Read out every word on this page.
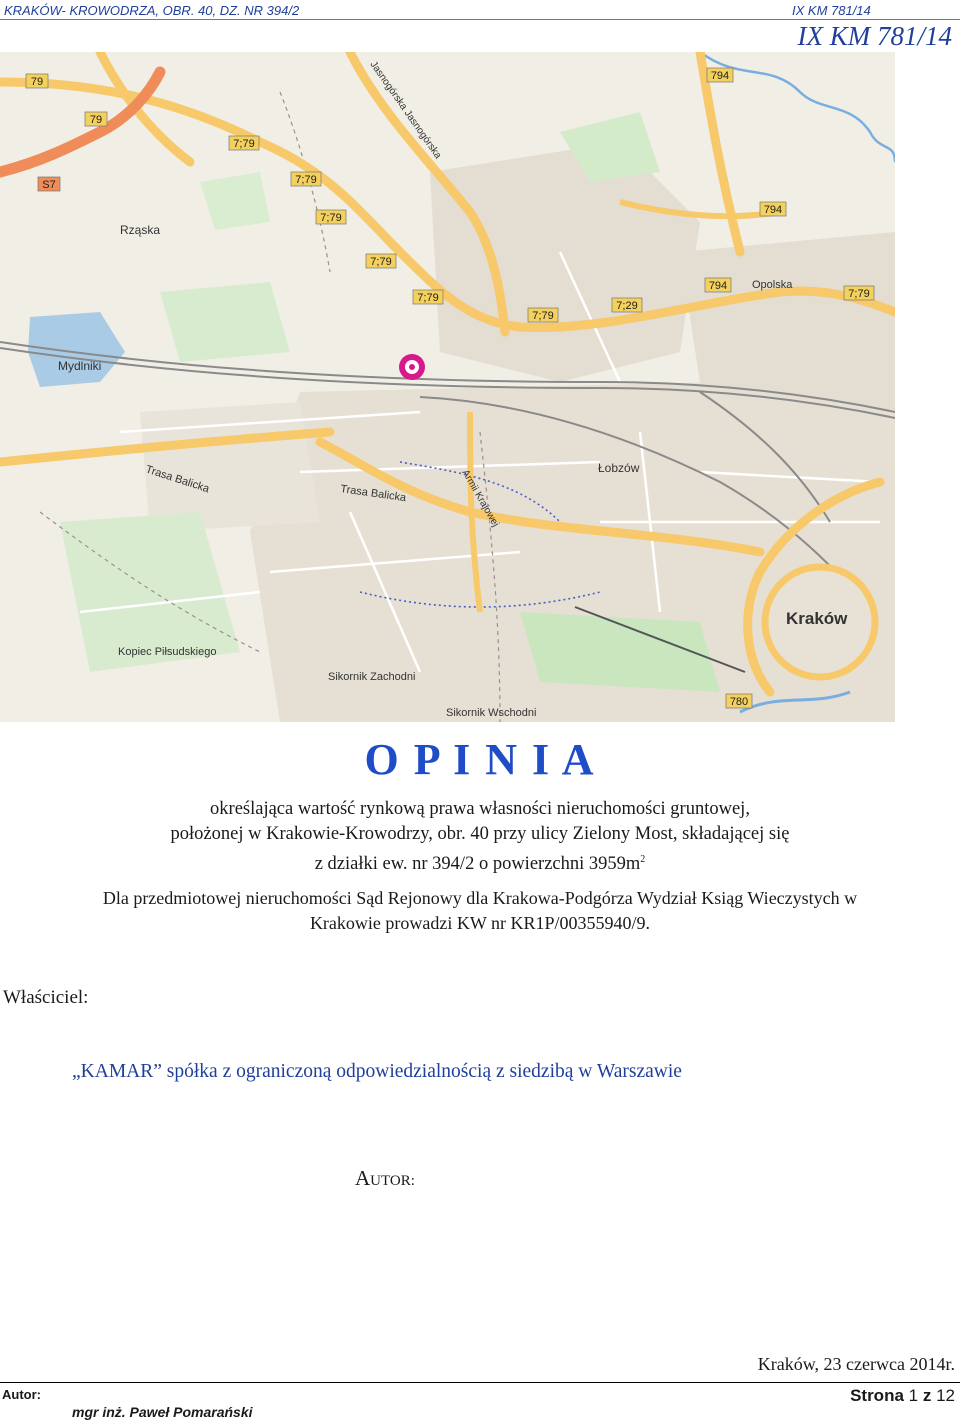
KRAKÓW- KROWODRZA, OBR. 40, DZ. NR 394/2	IX KM 781/14
IX KM 781/14
79
79
S7
7;79
7;79
7;79
7;79
7;79
7;79
7;29
794
794
794
7;79
780
Rząska
Mydlniki
Łobzów
Kraków
Opolska
Kopiec Piłsudskiego
Sikornik Zachodni
Sikornik Wschodni
Trasa Balicka	Trasa Balicka	Armii Krajowej
Jasnogórska Jasnogórska
O P I N I A
określająca wartość rynkową prawa własności nieruchomości gruntowej,
położonej w Krakowie-Krowodrzy, obr. 40 przy ulicy Zielony Most, składającej się
z działki ew. nr 394/2 o powierzchni $3959m^2$
Dla przedmiotowej nieruchomości Sąd Rejonowy dla Krakowa-Podgórza Wydział Ksiąg Wieczystych w
Krakowie prowadzi KW nr KR1P/00355940/9.
Właściciel:
„KAMAR” spółka z ograniczoną odpowiedzialnością z siedzibą w Warszawie
AUTOR:
Kraków, 23 czerwca 2014r.
Autor:
mgr inż. Paweł Pomarański
Strona 1 z 12
